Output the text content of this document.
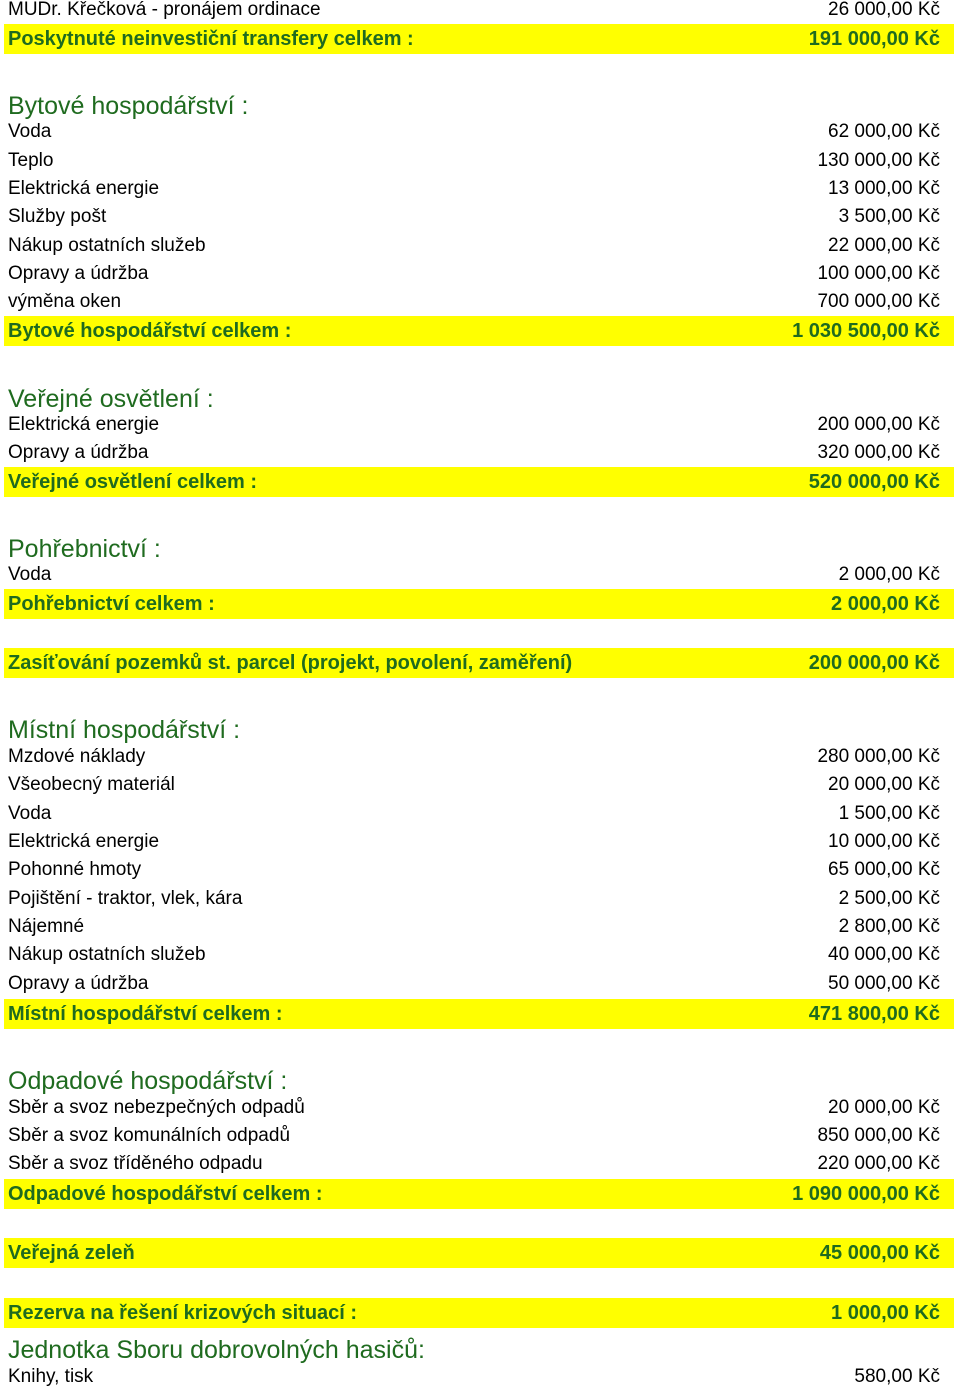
MUDr. Křečková - pronájem ordinace	26 000,00 Kč
Poskytnuté neinvestiční transfery celkem :	191 000,00 Kč
Bytové hospodářství :
Voda	62 000,00 Kč
Teplo	130 000,00 Kč
Elektrická energie	13 000,00 Kč
Služby pošt	3 500,00 Kč
Nákup ostatních služeb	22 000,00 Kč
Opravy a údržba	100 000,00 Kč
výměna oken	700 000,00 Kč
Bytové hospodářství celkem :	1 030 500,00 Kč
Veřejné osvětlení :
Elektrická energie	200 000,00 Kč
Opravy a údržba	320 000,00 Kč
Veřejné osvětlení celkem :	520 000,00 Kč
Pohřebnictví :
Voda	2 000,00 Kč
Pohřebnictví celkem :	2 000,00 Kč
Zasíťování pozemků st. parcel (projekt, povolení, zaměření)	200 000,00 Kč
Místní hospodářství :
Mzdové náklady	280 000,00 Kč
Všeobecný materiál	20 000,00 Kč
Voda	1 500,00 Kč
Elektrická energie	10 000,00 Kč
Pohonné hmoty	65 000,00 Kč
Pojištění - traktor, vlek, kára	2 500,00 Kč
Nájemné	2 800,00 Kč
Nákup ostatních služeb	40 000,00 Kč
Opravy a údržba	50 000,00 Kč
Místní hospodářství celkem :	471 800,00 Kč
Odpadové hospodářství :
Sběr a svoz nebezpečných odpadů	20 000,00 Kč
Sběr a svoz komunálních odpadů	850 000,00 Kč
Sběr a svoz tříděného odpadu	220 000,00 Kč
Odpadové hospodářství celkem :	1 090 000,00 Kč
Veřejná zeleň	45 000,00 Kč
Rezerva na řešení krizových situací :	1 000,00 Kč
Jednotka Sboru dobrovolných hasičů:
Knihy, tisk	580,00 Kč
